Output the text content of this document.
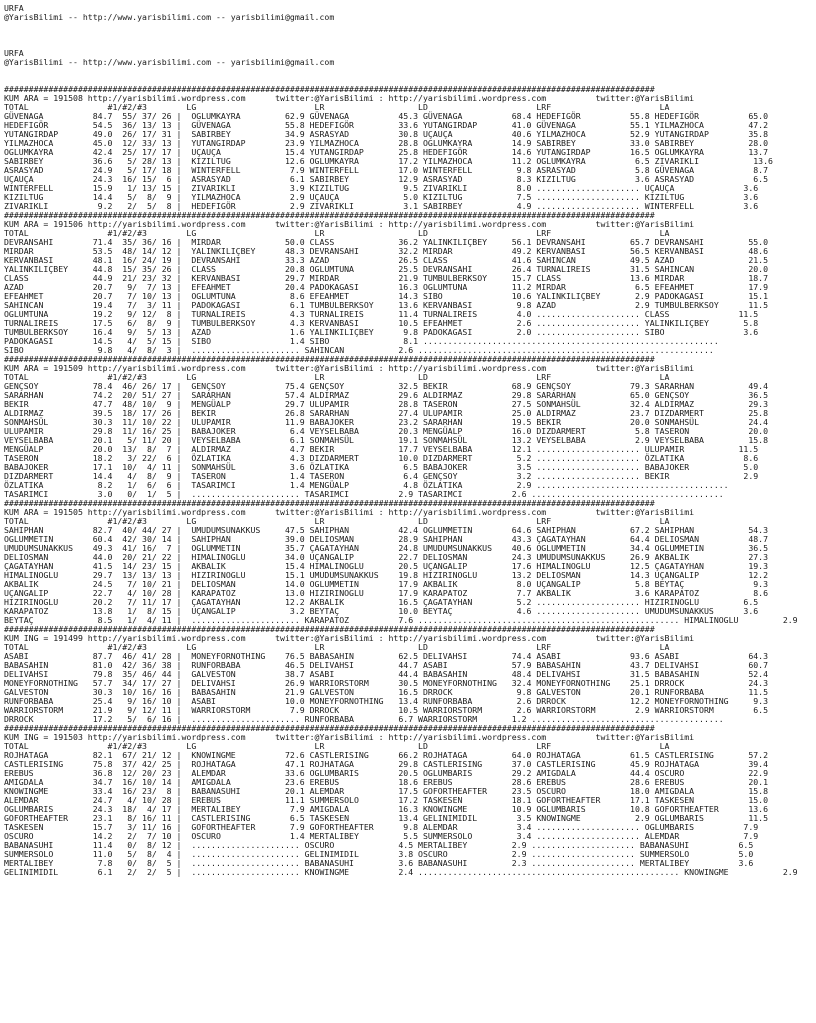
URFA
@YarisBilimi -- http://www.yarisbilimi.com -- yarisbilimi@gmail.com
URFA
@YarisBilimi -- http://www.yarisbilimi.com -- yarisbilimi@gmail.com
####################################################################################################################################
KUM ARA = 191508 http://yarisbilimi.wordpress.com      twitter:@YarisBilimi : http://yarisbilimi.wordpress.com          twitter:@YarisBilimi
TOTAL                #1/#2/#3        LG                        LR                   LD                      LRF                      LA
GÜVENAGA          84.7  55/ 37/ 26 |  OGLUMKAYRA         62.9 GÜVENAGA          45.3 GÜVENAGA          68.4 HEDEFIGÖR          55.8 HEDEFIGÖR          65.0
HEDEFIGÖR         54.5  36/ 13/ 13 |  GÜVENAGA           55.8 HEDEFIGÖR         33.6 YUTANGIRDAP       41.0 GÜVENAGA           55.1 YILMAZHOCA         47.2
YUTANGIRDAP       49.0  26/ 17/ 31 |  SABIRBEY           34.9 ASRASYAD          30.8 UÇAUÇA            40.6 YILMAZHOCA         52.9 YUTANGIRDAP        35.8
YILMAZHOCA        45.0  12/ 33/ 13 |  YUTANGIRDAP        23.9 YILMAZHOCA        28.8 OGLUMKAYRA        14.9 SABIRBEY           33.0 SABIRBEY           28.0
OGLUMKAYRA        42.4  25/ 17/ 17 |  UÇAUÇA             15.4 YUTANGIRDAP       25.8 HEDEFIGÖR         14.6 YUTANGIRDAP        16.5 OGLUMKAYRA         13.7
SABIRBEY          36.6   5/ 28/ 13 |  KIZILTUG           12.6 OGLUMKAYRA        17.2 YILMAZHOCA        11.2 OGLUMKAYRA          6.5 ZIVARIKLI           13.6
ASRASYAD          24.9   5/ 17/ 18 |  WINTERFELL          7.9 WINTERFELL        17.0 WINTERFELL         9.8 ASRASYAD            5.8 GÜVENAGA            8.7
UÇAUÇA            24.3  16/ 15/  6 |  ASRASYAD            6.1 SABIRBEY          12.9 ASRASYAD           8.3 KIZILTUG            3.6 ASRASYAD            6.5
WINTERFELL        15.9   1/ 13/ 15 |  ZIVARIKLI           3.9 KIZILTUG           9.5 ZIVARIKLI          8.0 ..................... UÇAUÇA              3.6
KIZILTUG          14.4   5/  8/  9 |  YILMAZHOCA          2.9 UÇAUÇA             5.0 KIZILTUG           7.5 ..................... KIZILTUG            3.6
ZIVARIKLI          9.2   2/  5/  8 |  HEDEFIGÖR           2.9 ZIVARIKLI          3.1 SABIRBEY           4.9 ..................... WINTERFELL          3.6
####################################################################################################################################
KUM ARA = 191506 http://yarisbilimi.wordpress.com      twitter:@YarisBilimi : http://yarisbilimi.wordpress.com          twitter:@YarisBilimi
TOTAL                #1/#2/#3        LG                        LR                   LD                      LRF                      LA
DEVRANSAHI        71.4  35/ 36/ 16 |  MIRDAR             50.0 CLASS             36.2 YALINKILIÇBEY     56.1 DEVRANSAHI         65.7 DEVRANSAHI         55.0
MIRDAR            53.5  48/ 14/ 12 |  YALINKILIÇBEY      48.3 DEVRANSAHI        32.2 MIRDAR            49.2 KERVANBASI         56.5 KERVANBASI         48.6
KERVANBASI        48.1  16/ 24/ 19 |  DEVRANSAHI         33.3 AZAD              26.5 CLASS             41.6 SAHINCAN           49.5 AZAD               21.5
YALINKILIÇBEY     44.8  15/ 35/ 26 |  CLASS              20.8 OGLUMTUNA         25.5 DEVRANSAHI        26.4 TURNALIREIS        31.5 SAHINCAN           20.0
CLASS             44.9  21/ 23/ 32 |  KERVANBASI         29.7 MIRDAR            21.9 TUMBULBERKSOY     15.7 CLASS              13.6 MIRDAR             18.7
AZAD              20.7   9/  7/ 13 |  EFEAHMET           20.4 PADOKAGASI        16.3 OGLUMTUNA         11.2 MIRDAR              6.5 EFEAHMET           17.9
EFEAHMET          20.7   7/ 10/ 13 |  OGLUMTUNA           8.6 EFEAHMET          14.3 SIBO              10.6 YALINKILIÇBEY       2.9 PADOKAGASI         15.1
SAHINCAN          19.4   7/  3/ 11 |  PADOKAGASI          6.1 TUMBULBERKSOY     13.6 KERVANBASI         9.8 AZAD                2.9 TUMBULBERKSOY      11.5
OGLUMTUNA         19.2   9/ 12/  8 |  TURNALIREIS         4.3 TURNALIREIS       11.4 TURNALIREIS        4.0 ..................... CLASS              11.5
TURNALIREIS       17.5   6/  8/  9 |  TUMBULBERKSOY       4.3 KERVANBASI        10.5 EFEAHMET           2.6 ..................... YALINKILIÇBEY       5.8
TUMBULBERKSOY     16.4   9/  5/ 13 |  AZAD                1.6 YALINKILIÇBEY      9.8 PADOKAGASI         2.0 ..................... SIBO                3.6
PADOKAGASI        14.5   4/  5/ 15 |  SIBO                1.4 SIBO               8.1 ............................................................
SIBO               9.8   4/  8/  3 |  ...................... SAHINCAN           2.6 ............................................................
####################################################################################################################################
KUM ARA = 191509 http://yarisbilimi.wordpress.com      twitter:@YarisBilimi : http://yarisbilimi.wordpress.com          twitter:@YarisBilimi
TOTAL                #1/#2/#3        LG                        LR                   LD                      LRF                      LA
GENÇSOY           78.4  46/ 26/ 17 |  GENÇSOY            75.4 GENÇSOY           32.5 BEKIR             68.9 GENÇSOY            79.3 SARARHAN           49.4
SARARHAN          74.2  20/ 51/ 27 |  SARARHAN           57.4 ALDIRMAZ          29.6 ALDIRMAZ          29.8 SARARHAN           65.0 GENÇSOY            36.5
BEKIR             47.7  48/ 10/  9 |  MENGÜALP           29.7 ULUPAMIR          28.8 TASERON           27.5 SONMAHSÜL          32.4 ALDIRMAZ           29.3
ALDIRMAZ          39.5  18/ 17/ 26 |  BEKIR              26.8 SARARHAN          27.4 ULUPAMIR          25.0 ALDIRMAZ           23.7 DIZDARMERT         25.8
SONMAHSÜL         30.3  11/ 10/ 22 |  ULUPAMIR           11.9 BABAJOKER         23.2 SARARHAN          19.5 BEKIR              20.0 SONMAHSÜL          24.4
ULUPAMIR          29.8  11/ 16/ 25 |  BABAJOKER           6.4 VEYSELBABA        20.3 MENGÜALP          16.0 DIZDARMERT          5.8 TASERON            20.0
VEYSELBABA        20.1   5/ 11/ 20 |  VEYSELBABA          6.1 SONMAHSÜL         19.1 SONMAHSÜL         13.2 VEYSELBABA          2.9 VEYSELBABA         15.8
MENGÜALP          20.0  13/  8/  7 |  ALDIRMAZ            4.7 BEKIR             17.7 VEYSELBABA        12.1 ..................... ULUPAMIR           11.5
TASERON           18.2   3/ 22/  6 |  ÖZLATIKA            4.3 DIZDARMERT        10.0 DIZDARMERT         5.2 ..................... ÖZLATIKA            8.6
BABAJOKER         17.1  10/  4/ 11 |  SONMAHSÜL           3.6 ÖZLATIKA           6.5 BABAJOKER          3.5 ..................... BABAJOKER           5.0
DIZDARMERT        14.4   4/  8/  9 |  TASERON             1.4 TASERON            6.4 GENÇSOY            3.2 ..................... BEKIR               2.9
ÖZLATIKA           8.2   1/  6/  6 |  TASARIMCI           1.4 MENGÜALP           4.8 ÖZLATIKA           2.9 .......................................
TASARIMCI          3.0   0/  1/  5 |  ...................... TASARIMCI          2.9 TASARIMCI          2.6 .......................................
####################################################################################################################################
KUM ARA = 191505 http://yarisbilimi.wordpress.com      twitter:@YarisBilimi : http://yarisbilimi.wordpress.com          twitter:@YarisBilimi
TOTAL                #1/#2/#3        LG                        LR                   LD                      LRF                      LA
SAHIPHAN          82.7  40/ 44/ 27 |  UMUDUMSUNAKKUS     47.5 SAHIPHAN          42.4 OGLUMMETIN        64.6 SAHIPHAN           67.2 SAHIPHAN           54.3
OGLUMMETIN        60.4  42/ 30/ 14 |  SAHIPHAN           39.0 DELIOSMAN         28.9 SAHIPHAN          43.3 ÇAGATAYHAN         64.4 DELIOSMAN          48.7
UMUDUMSUNAKKUS    49.3  41/ 16/  7 |  OGLUMMETIN         35.7 ÇAGATAYHAN        24.8 UMUDUMSUNAKKUS    40.6 OGLUMMETIN         34.4 OGLUMMETIN         36.5
DELIOSMAN         44.0  20/ 21/ 22 |  HIMALINOGLU        34.0 UÇANGALIP         22.7 DELIOSMAN         24.3 UMUDUMSUNAKKUS     26.9 AKBALIK            27.3
ÇAGATAYHAN        41.5  14/ 23/ 15 |  AKBALIK            15.4 HIMALINOGLU       20.5 UÇANGALIP         17.6 HIMALINOGLU        12.5 ÇAGATAYHAN         19.3
HIMALINOGLU       29.7  13/ 13/ 13 |  HIZIRINOGLU        15.1 UMUDUMSUNAKKUS    19.8 HIZIRINOGLU       13.2 DELIOSMAN          14.3 UÇANGALIP          12.2
AKBALIK           24.5   7/ 10/ 21 |  DELIOSMAN          14.0 OGLUMMETIN        17.9 AKBALIK            8.0 UÇANGALIP           5.8 BEYTAÇ              9.3
UÇANGALIP         22.7   4/ 10/ 28 |  KARAPATOZ          13.0 HIZIRINOGLU       17.9 KARAPATOZ          7.7 AKBALIK             3.6 KARAPATOZ           8.6
HIZIRINOGLU       20.2   7/ 11/ 17 |  ÇAGATAYHAN         12.2 AKBALIK           16.5 ÇAGATAYHAN         5.2 ..................... HIZIRINOGLU         6.5
KARAPATOZ         13.8   1/  8/ 15 |  UÇANGALIP           3.2 BEYTAÇ            10.0 BEYTAÇ             4.6 ..................... UMUDUMSUNAKKUS      3.6
BEYTAÇ             8.5   1/  4/ 11 |  ...................... KARAPATOZ          7.6 ..................................................... HIMALINOGLU         2.9
####################################################################################################################################
KUM ING = 191499 http://yarisbilimi.wordpress.com      twitter:@YarisBilimi : http://yarisbilimi.wordpress.com          twitter:@YarisBilimi
TOTAL                #1/#2/#3        LG                        LR                   LD                      LRF                      LA
ASABI             87.7  46/ 41/ 28 |  MONEYFORNOTHING    76.5 BABASAHIN         62.5 DELIVAHSI         74.4 ASABI              93.6 ASABI              64.3
BABASAHIN         81.0  42/ 36/ 38 |  RUNFORBABA         46.5 DELIVAHSI         44.7 ASABI             57.9 BABASAHIN          43.7 DELIVAHSI          60.7
DELIVAHSI         79.8  35/ 46/ 44 |  GALVESTON          38.7 ASABI             44.4 BABASAHIN         48.4 DELIVAHSI          31.5 BABASAHIN          52.4
MONEYFORNOTHING   57.7  34/ 17/ 27 |  DELIVAHSI          26.9 WARRIORSTORM      30.5 MONEYFORNOTHING   32.4 MONEYFORNOTHING    25.1 DRROCK             24.3
GALVESTON         30.3  10/ 16/ 16 |  BABASAHIN          21.9 GALVESTON         16.5 DRROCK             9.8 GALVESTON          20.1 RUNFORBABA         11.5
RUNFORBABA        25.4   9/ 16/ 10 |  ASABI              10.0 MONEYFORNOTHING   13.4 RUNFORBABA         2.6 DRROCK             12.2 MONEYFORNOTHING     9.3
WARRIORSTORM      21.9   9/ 12/ 11 |  WARRIORSTORM        7.9 DRROCK            10.5 WARRIORSTORM       2.6 WARRIORSTORM        2.9 WARRIORSTORM        6.5
DRROCK            17.2   5/  6/ 16 |  ...................... RUNFORBABA         6.7 WARRIORSTORM       1.2 .......................................
####################################################################################################################################
KUM ING = 191503 http://yarisbilimi.wordpress.com      twitter:@YarisBilimi : http://yarisbilimi.wordpress.com          twitter:@YarisBilimi
TOTAL                #1/#2/#3        LG                        LR                   LD                      LRF                      LA
ROJHATAGA         82.1  67/ 21/ 12 |  KNOWINGME          72.6 CASTLERISING      66.2 ROJHATAGA         64.0 ROJHATAGA          61.5 CASTLERISING       57.2
CASTLERISING      75.8  37/ 42/ 25 |  ROJHATAGA          47.1 ROJHATAGA         29.8 CASTLERISING      37.0 CASTLERISING       45.9 ROJHATAGA          39.4
EREBUS            36.8  12/ 20/ 23 |  ALEMDAR            33.6 OGLUMBARIS        20.5 OGLUMBARIS        29.2 AMIGDALA           44.4 OSCURO             22.9
AMIGDALA          34.7  16/ 10/ 14 |  AMIGDALA           23.6 EREBUS            18.6 EREBUS            28.6 EREBUS             28.6 EREBUS             20.1
KNOWINGME         33.4  16/ 23/  8 |  BABANASUHI         20.1 ALEMDAR           17.5 GOFORTHEAFTER     23.5 OSCURO             18.0 AMIGDALA           15.8
ALEMDAR           24.7   4/ 10/ 28 |  EREBUS             11.1 SUMMERSOLO        17.2 TASKESEN          18.1 GOFORTHEAFTER      17.1 TASKESEN           15.0
OGLUMBARIS        24.3  18/  4/ 17 |  MERTALIBEY          7.9 AMIGDALA          16.3 KNOWINGME         10.9 OGLUMBARIS         10.8 GOFORTHEAFTER      13.6
GOFORTHEAFTER     23.1   8/ 16/ 11 |  CASTLERISING        6.5 TASKESEN          13.4 GELINIMIDIL        3.5 KNOWINGME           2.9 OGLUMBARIS         11.5
TASKESEN          15.7   3/ 11/ 16 |  GOFORTHEAFTER       7.9 GOFORTHEAFTER      9.8 ALEMDAR            3.4 ..................... OGLUMBARIS          7.9
OSCURO            14.2   2/  7/ 10 |  OSCURO              1.4 MERTALIBEY         5.5 SUMMERSOLO         3.4 ..................... ALEMDAR             7.9
BABANASUHI        11.4   0/  8/ 12 |  ...................... OSCURO             4.5 MERTALIBEY         2.9 ..................... BABANASUHI          6.5
SUMMERSOLO        11.0   5/  8/  4 |  ...................... GELINIMIDIL        3.8 OSCURO             2.9 ..................... SUMMERSOLO          5.0
MERTALIBEY         7.8   0/  8/  5 |  ...................... BABANASUHI         3.6 BABANASUHI         2.3 ..................... MERTALIBEY          3.6
GELINIMIDIL        6.1   2/  2/  5 |  ...................... KNOWINGME          2.4 ..................................................... KNOWINGME           2.9
